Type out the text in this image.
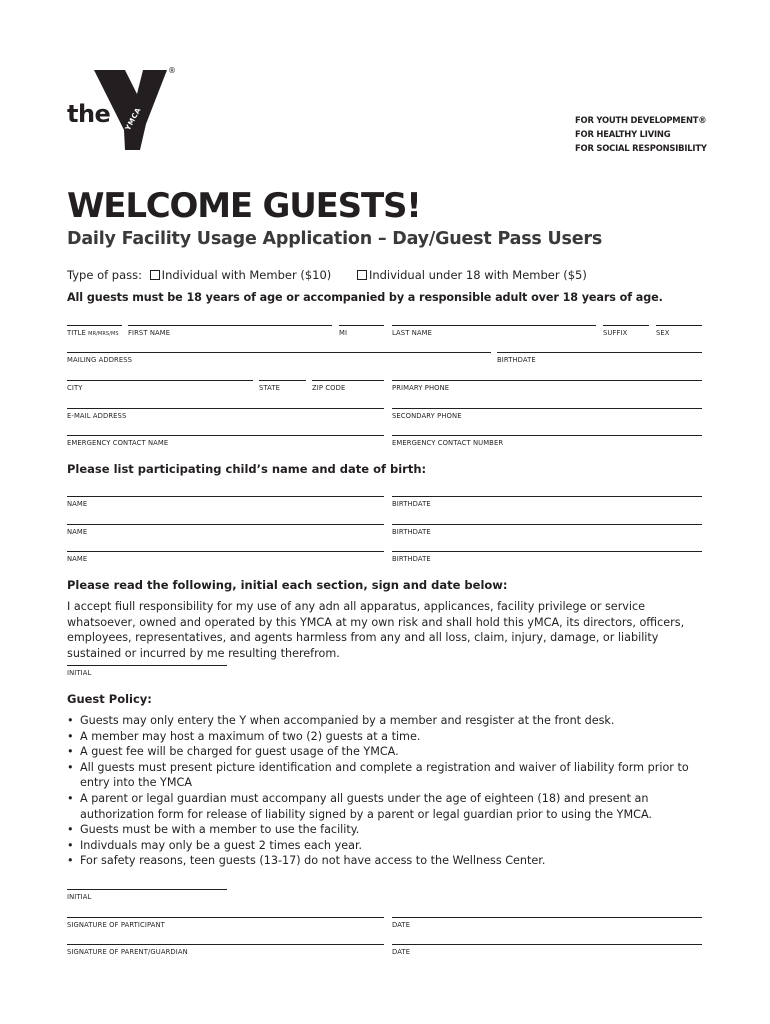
®
the YMCA	FOR YOUTH DEVELOPMENT®
FOR HEALTHY LIVING
FOR SOCIAL RESPONSIBILITY
WELCOME GUESTS!
Daily Facility Usage Application – Day/Guest Pass Users
Type of pass: Individual with Member ($10)	Individual under 18 with Member ($5)
All guests must be 18 years of age or accompanied by a responsible adult over 18 years of age.
TITLE MR/MRS/MS FIRST NAME	MI	LAST NAME	SUFFIX	SEX
MAILING ADDRESS	BIRTHDATE
CITY	STATE	ZIP CODE	PRIMARY PHONE
E-MAIL ADDRESS	SECONDARY PHONE
EMERGENCY CONTACT NAME	EMERGENCY CONTACT NUMBER
Please list participating child’s name and date of birth:
NAME	BIRTHDATE
NAME	BIRTHDATE
NAME	BIRTHDATE
Please read the following, initial each section, sign and date below:
I accept fiull responsibility for my use of any adn all apparatus, applicances, facility privilege or service whatsoever, owned and operated by this YMCA at my own risk and shall hold this yMCA, its directors, officers, employees, representatives, and agents harmless from any and all loss, claim, injury, damage, or liability sustained or incurred by me resulting therefrom.
INITIAL
Guest Policy:
• Guests may only entery the Y when accompanied by a member and resgister at the front desk.
• A member may host a maximum of two (2) guests at a time.
• A guest fee will be charged for guest usage of the YMCA.
• All guests must present picture identification and complete a registration and waiver of liability form prior to entry into the YMCA
• A parent or legal guardian must accompany all guests under the age of eighteen (18) and present an authorization form for release of liability signed by a parent or legal guardian prior to using the YMCA.
• Guests must be with a member to use the facility.
• Indivduals may only be a guest 2 times each year.
• For safety reasons, teen guests (13-17) do not have access to the Wellness Center.
INITIAL
SIGNATURE OF PARTICIPANT	DATE
SIGNATURE OF PARENT/GUARDIAN	DATE
